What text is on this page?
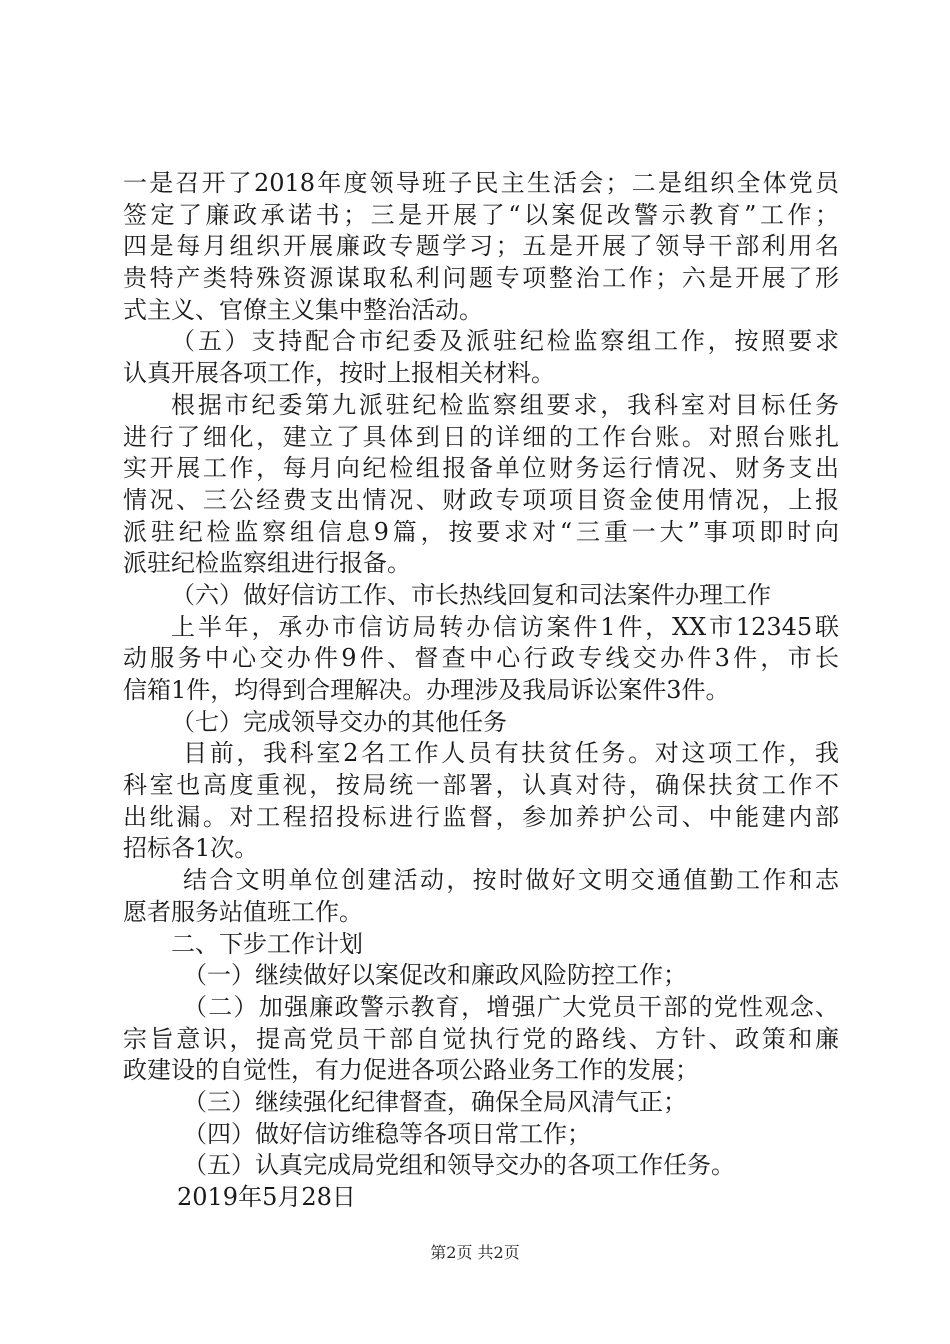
一是召开了2018年度领导班子民主生活会；二是组织全体党员
签定了廉政承诺书；三是开展了“以案促改警示教育”工作；
四是每月组织开展廉政专题学习；五是开展了领导干部利用名
贵特产类特殊资源谋取私利问题专项整治工作；六是开展了形
式主义、官僚主义集中整治活动。
（五）支持配合市纪委及派驻纪检监察组工作，按照要求
认真开展各项工作，按时上报相关材料。
根据市纪委第九派驻纪检监察组要求，我科室对目标任务
进行了细化，建立了具体到日的详细的工作台账。对照台账扎
实开展工作，每月向纪检组报备单位财务运行情况、财务支出
情况、三公经费支出情况、财政专项项目资金使用情况，上报
派驻纪检监察组信息9篇，按要求对“三重一大”事项即时向
派驻纪检监察组进行报备。
（六）做好信访工作、市长热线回复和司法案件办理工作
上半年，承办市信访局转办信访案件1件，XX市12345联
动服务中心交办件9件、督查中心行政专线交办件3件，市长
信箱1件，均得到合理解决。办理涉及我局诉讼案件3件。
（七）完成领导交办的其他任务
目前，我科室2名工作人员有扶贫任务。对这项工作，我
科室也高度重视，按局统一部署，认真对待，确保扶贫工作不
出纰漏。对工程招投标进行监督，参加养护公司、中能建内部
招标各1次。
结合文明单位创建活动，按时做好文明交通值勤工作和志
愿者服务站值班工作。
二、下步工作计划
（一）继续做好以案促改和廉政风险防控工作；
（二）加强廉政警示教育，增强广大党员干部的党性观念、
宗旨意识，提高党员干部自觉执行党的路线、方针、政策和廉
政建设的自觉性，有力促进各项公路业务工作的发展；
（三）继续强化纪律督查，确保全局风清气正；
（四）做好信访维稳等各项日常工作；
（五）认真完成局党组和领导交办的各项工作任务。
2019年5月28日
第2页 共2页
